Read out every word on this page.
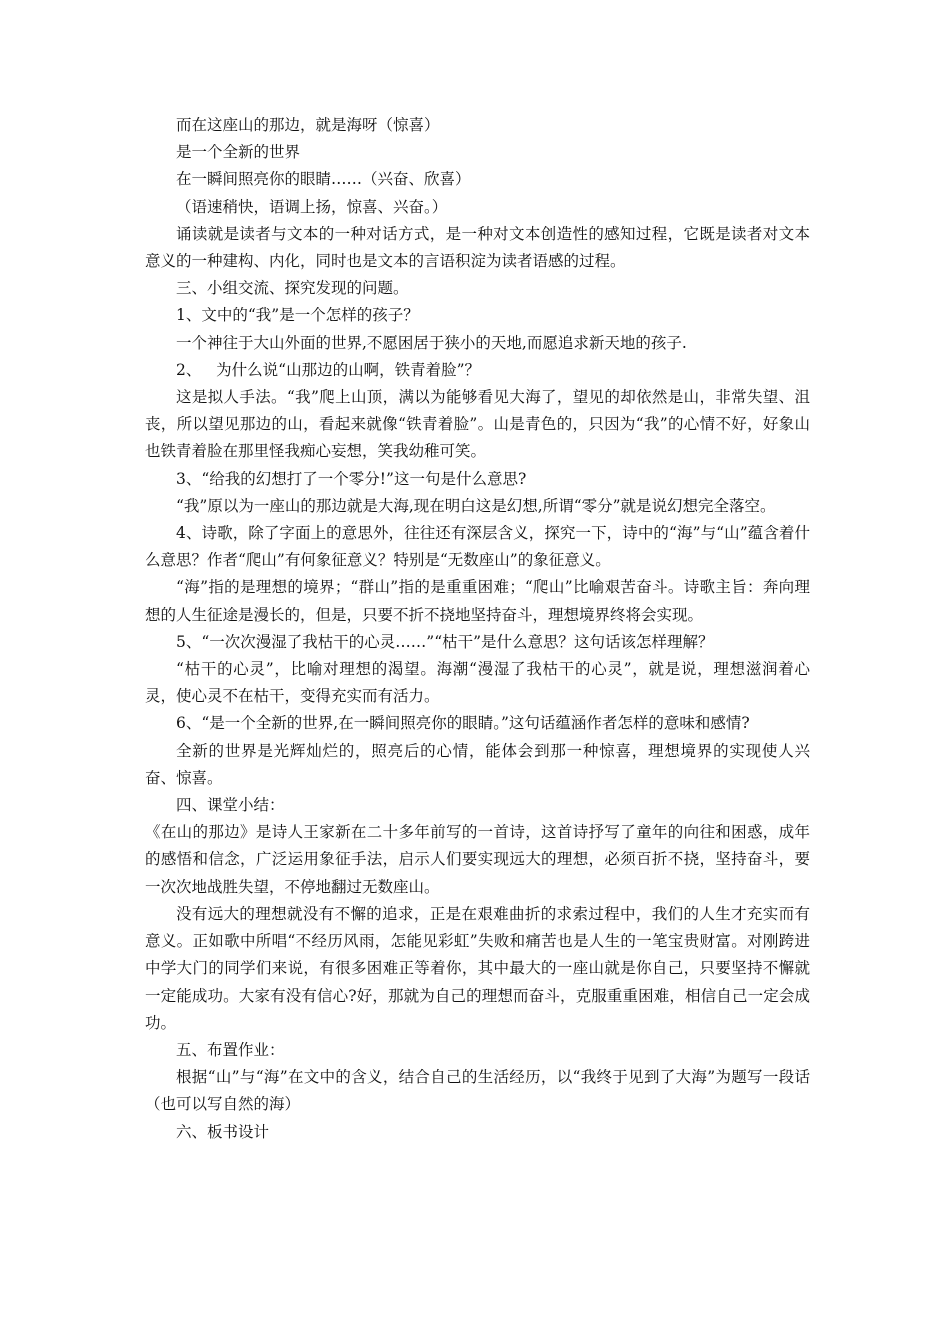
而在这座山的那边，就是海呀（惊喜）

是一个全新的世界

在一瞬间照亮你的眼睛……（兴奋、欣喜）

（语速稍快，语调上扬，惊喜、兴奋。）

诵读就是读者与文本的一种对话方式，是一种对文本创造性的感知过程，它既是读者对文本意义的一种建构、内化，同时也是文本的言语积淀为读者语感的过程。

三、小组交流、探究发现的问题。

1、文中的“我”是一个怎样的孩子？

一个神往于大山外面的世界,不愿困居于狭小的天地,而愿追求新天地的孩子.

2、   为什么说“山那边的山啊，铁青着脸”？

这是拟人手法。“我”爬上山顶，满以为能够看见大海了，望见的却依然是山，非常失望、沮丧，所以望见那边的山，看起来就像“铁青着脸”。山是青色的，只因为“我”的心情不好，好象山也铁青着脸在那里怪我痴心妄想，笑我幼稚可笑。

3、“给我的幻想打了一个零分!”这一句是什么意思?

“我”原以为一座山的那边就是大海,现在明白这是幻想,所谓“零分”就是说幻想完全落空。

4、诗歌，除了字面上的意思外，往往还有深层含义，探究一下，诗中的“海”与“山”蕴含着什么意思？作者“爬山”有何象征意义？特别是“无数座山”的象征意义。

“海”指的是理想的境界；“群山”指的是重重困难；“爬山”比喻艰苦奋斗。诗歌主旨：奔向理想的人生征途是漫长的，但是，只要不折不挠地坚持奋斗，理想境界终将会实现。

5、“一次次漫湿了我枯干的心灵……”“枯干”是什么意思？这句话该怎样理解？

“枯干的心灵”，比喻对理想的渴望。海潮“漫湿了我枯干的心灵”，就是说，理想滋润着心灵，使心灵不在枯干，变得充实而有活力。

6、“是一个全新的世界,在一瞬间照亮你的眼睛。”这句话蕴涵作者怎样的意味和感情?

全新的世界是光辉灿烂的，照亮后的心情，能体会到那一种惊喜，理想境界的实现使人兴奋、惊喜。

四、课堂小结：

《在山的那边》是诗人王家新在二十多年前写的一首诗，这首诗抒写了童年的向往和困惑，成年的感悟和信念，广泛运用象征手法，启示人们要实现远大的理想，必须百折不挠，坚持奋斗，要一次次地战胜失望，不停地翻过无数座山。

没有远大的理想就没有不懈的追求，正是在艰难曲折的求索过程中，我们的人生才充实而有意义。正如歌中所唱“不经历风雨，怎能见彩虹”失败和痛苦也是人生的一笔宝贵财富。对刚跨进中学大门的同学们来说，有很多困难正等着你，其中最大的一座山就是你自己，只要坚持不懈就一定能成功。大家有没有信心?好，那就为自己的理想而奋斗，克服重重困难，相信自己一定会成功。

五、布置作业：

根据“山”与“海”在文中的含义，结合自己的生活经历，以“我终于见到了大海”为题写一段话（也可以写自然的海）

六、板书设计
